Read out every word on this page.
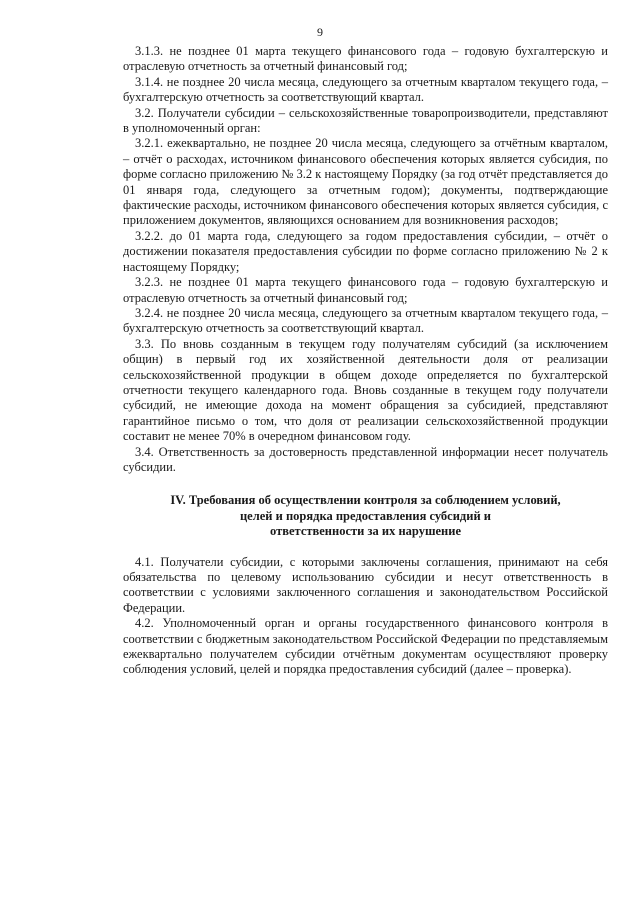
9

3.1.3. не позднее 01 марта текущего финансового года – годовую бухгалтерскую и отраслевую отчетность за отчетный финансовый год;

3.1.4. не позднее 20 числа месяца, следующего за отчетным кварталом текущего года, – бухгалтерскую отчетность за соответствующий квартал.

3.2. Получатели субсидии – сельскохозяйственные товаропроизводители, представляют в уполномоченный орган:

3.2.1. ежеквартально, не позднее 20 числа месяца, следующего за отчётным кварталом, – отчёт о расходах, источником финансового обеспечения которых является субсидия, по форме согласно приложению № 3.2 к настоящему Порядку (за год отчёт представляется до 01 января года, следующего за отчетным годом); документы, подтверждающие фактические расходы, источником финансового обеспечения которых является субсидия, с приложением документов, являющихся основанием для возникновения расходов;

3.2.2. до 01 марта года, следующего за годом предоставления субсидии, – отчёт о достижении показателя предоставления субсидии по форме согласно приложению № 2 к настоящему Порядку;

3.2.3. не позднее 01 марта текущего финансового года – годовую бухгалтерскую и отраслевую отчетность за отчетный финансовый год;

3.2.4. не позднее 20 числа месяца, следующего за отчетным кварталом текущего года, – бухгалтерскую отчетность за соответствующий квартал.

3.3. По вновь созданным в текущем году получателям субсидий (за исключением общин) в первый год их хозяйственной деятельности доля от реализации сельскохозяйственной продукции в общем доходе определяется по бухгалтерской отчетности текущего календарного года. Вновь созданные в текущем году получатели субсидий, не имеющие дохода на момент обращения за субсидией, представляют гарантийное письмо о том, что доля от реализации сельскохозяйственной продукции составит не менее 70% в очередном финансовом году.

3.4. Ответственность за достоверность представленной информации несет получатель субсидии.

IV. Требования об осуществлении контроля за соблюдением условий,
целей и порядка предоставления субсидий и
ответственности за их нарушение

4.1. Получатели субсидии, с которыми заключены соглашения, принимают на себя обязательства по целевому использованию субсидии и несут ответственность в соответствии с условиями заключенного соглашения и законодательством Российской Федерации.

4.2. Уполномоченный орган и органы государственного финансового контроля в соответствии с бюджетным законодательством Российской Федерации по представляемым ежеквартально получателем субсидии отчётным документам осуществляют проверку соблюдения условий, целей и порядка предоставления субсидий (далее – проверка).
